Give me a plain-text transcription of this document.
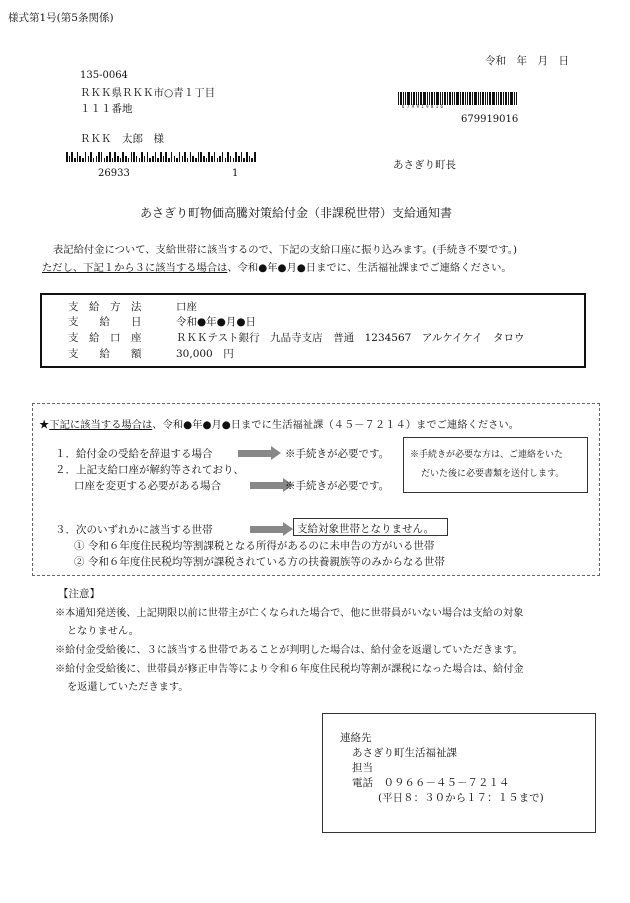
様式第1号(第5条関係)
令和　年　月　日
135-0064
ＲＫＫ県ＲＫＫ市○青１丁目
１１１番地
ＲＫＫ　太郎　様
26933	1
6 7 9 9 1 9 0 1 6
679919016
あさぎり町長
あさぎり町物価高騰対策給付金（非課税世帯）支給通知書
表記給付金について、支給世帯に該当するので、下記の支給口座に振り込みます。(手続き不要です。)
ただし、下記１から３に該当する場合は、令和●年●月●日までに、生活福祉課までご連絡ください。
支　給　方　法	口座
支　　給　　日	令和●年●月●日
支　給　口　座	ＲＫＫテスト銀行　九品寺支店　普通　1234567　アルケイケイ　タロウ
支　　給　　額	30,000　円
★下記に該当する場合は、令和●年●月●日までに生活福祉課（４５－７２１４）までご連絡ください。
１．給付金の受給を辞退する場合	※手続きが必要です。
２．上記支給口座が解約等されており、
口座を変更する必要がある場合	※手続きが必要です。
※手続きが必要な方は、ご連絡をいた
だいた後に必要書類を送付します。
３．次のいずれかに該当する世帯	支給対象世帯となりません。
① 令和６年度住民税均等割課税となる所得があるのに未申告の方がいる世帯
② 令和６年度住民税均等割が課税されている方の扶養親族等のみからなる世帯
【注意】
※本通知発送後、上記期限以前に世帯主が亡くなられた場合で、他に世帯員がいない場合は支給の対象
となりません。
※給付金受給後に、３に該当する世帯であることが判明した場合は、給付金を返還していただきます。
※給付金受給後に、世帯員が修正申告等により令和６年度住民税均等割が課税になった場合は、給付金
を返還していただきます。
連絡先
あさぎり町生活福祉課
担当
電話　０９６６－４５－７２１４
(平日８：３０から１７：１５まで)
